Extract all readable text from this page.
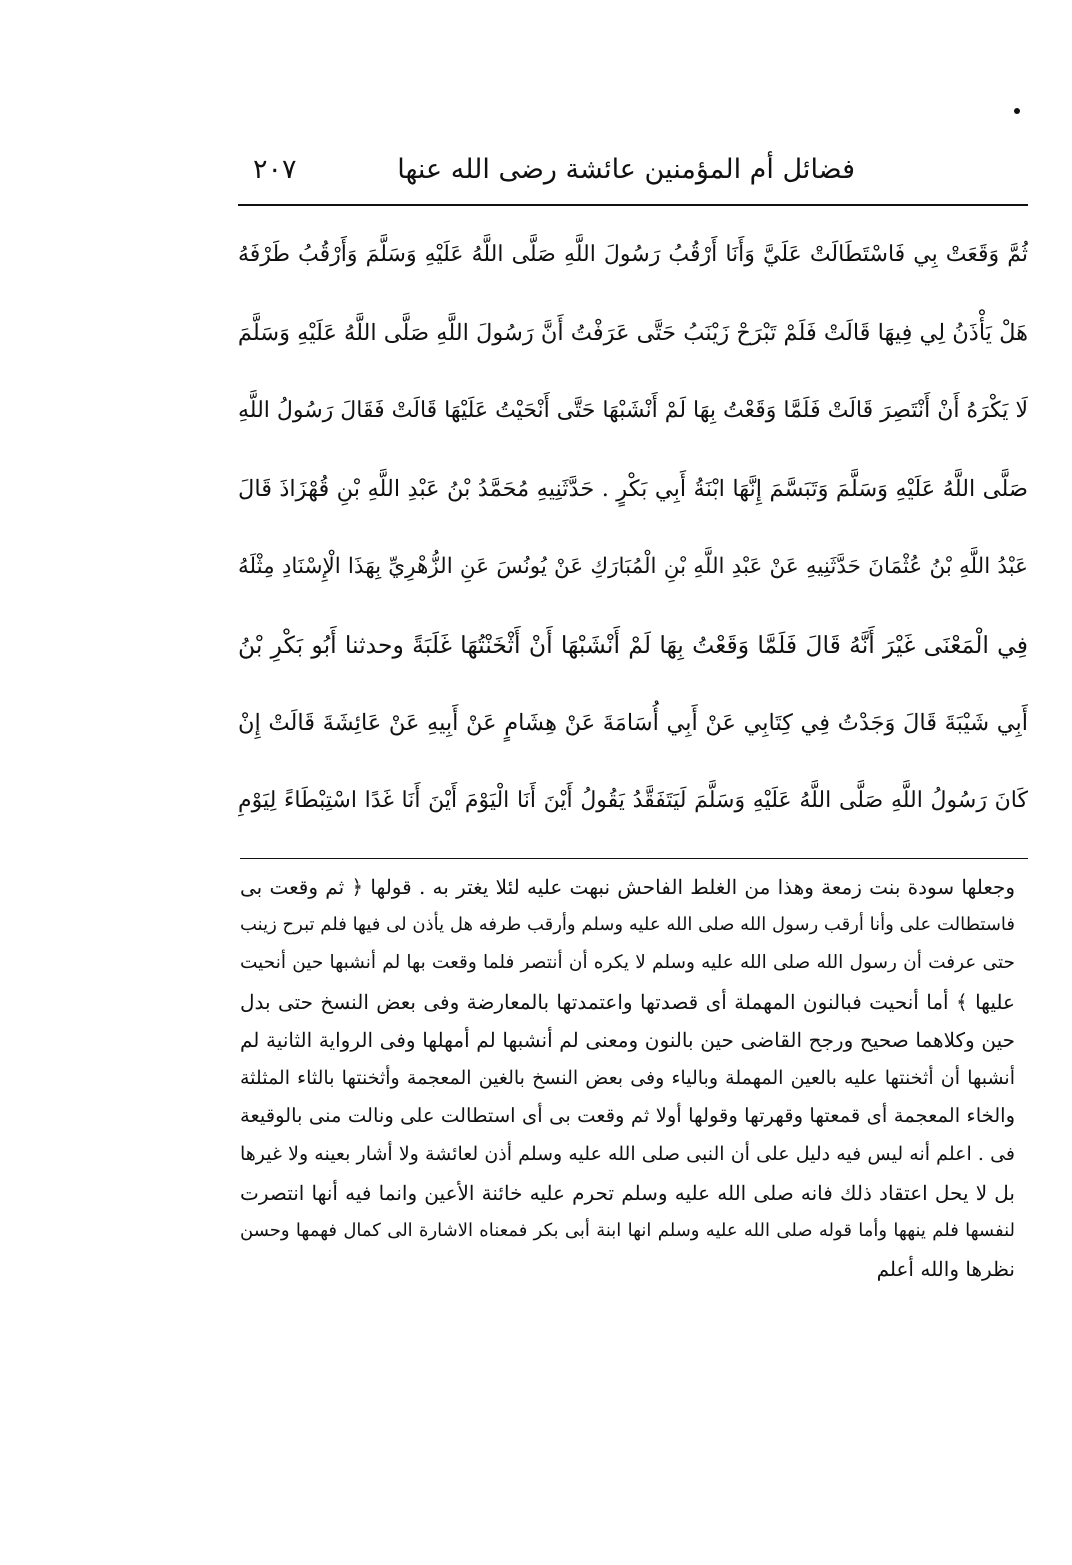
فضائل أم المؤمنين عائشة رضى الله عنها
٢٠٧
ثُمَّ وَقَعَتْ بِي فَاسْتَطَالَتْ عَلَيَّ وَأَنَا أَرْقُبُ رَسُولَ اللَّهِ صَلَّى اللَّهُ عَلَيْهِ وَسَلَّمَ وَأَرْقُبُ طَرْفَهُ
هَلْ يَأْذَنُ لِي فِيهَا قَالَتْ فَلَمْ تَبْرَحْ زَيْنَبُ حَتَّى عَرَفْتُ أَنَّ رَسُولَ اللَّهِ صَلَّى اللَّهُ عَلَيْهِ وَسَلَّمَ
لَا يَكْرَهُ أَنْ أَنْتَصِرَ قَالَتْ فَلَمَّا وَقَعْتُ بِهَا لَمْ أَنْشَبْهَا حَتَّى أَنْحَيْتُ عَلَيْهَا قَالَتْ فَقَالَ رَسُولُ اللَّهِ
صَلَّى اللَّهُ عَلَيْهِ وَسَلَّمَ وَتَبَسَّمَ إِنَّهَا ابْنَةُ أَبِي بَكْرٍ . حَدَّثَنِيهِ مُحَمَّدُ بْنُ عَبْدِ اللَّهِ بْنِ قُهْزَاذَ قَالَ
عَبْدُ اللَّهِ بْنُ عُثْمَانَ حَدَّثَنِيهِ عَنْ عَبْدِ اللَّهِ بْنِ الْمُبَارَكِ عَنْ يُونُسَ عَنِ الزُّهْرِيِّ بِهَذَا الْإِسْنَادِ مِثْلَهُ
فِي الْمَعْنَى غَيْرَ أَنَّهُ قَالَ فَلَمَّا وَقَعْتُ بِهَا لَمْ أَنْشَبْهَا أَنْ أَثْخَنْتُهَا غَلَبَةً وحدثنا أَبُو بَكْرِ بْنُ
أَبِي شَيْبَةَ قَالَ وَجَدْتُ فِي كِتَابِي عَنْ أَبِي أُسَامَةَ عَنْ هِشَامٍ عَنْ أَبِيهِ عَنْ عَائِشَةَ قَالَتْ إِنْ
كَانَ رَسُولُ اللَّهِ صَلَّى اللَّهُ عَلَيْهِ وَسَلَّمَ لَيَتَفَقَّدُ يَقُولُ أَيْنَ أَنَا الْيَوْمَ أَيْنَ أَنَا غَدًا اسْتِبْطَاءً لِيَوْمِ
وجعلها سودة بنت زمعة وهذا من الغلط الفاحش نبهت عليه لئلا يغتر به . قولها ﴿ ثم وقعت بى
فاستطالت على وأنا أرقب رسول الله صلى الله عليه وسلم وأرقب طرفه هل يأذن لى فيها فلم تبرح زينب
حتى عرفت أن رسول الله صلى الله عليه وسلم لا يكره أن أنتصر فلما وقعت بها لم أنشبها حين أنحيت
عليها ﴾ أما أنحيت فبالنون المهملة أى قصدتها واعتمدتها بالمعارضة وفى بعض النسخ حتى بدل
حين وكلاهما صحيح ورجح القاضى حين بالنون ومعنى لم أنشبها لم أمهلها وفى الرواية الثانية لم
أنشبها أن أثخنتها عليه بالعين المهملة وبالياء وفى بعض النسخ بالغين المعجمة وأثخنتها بالثاء المثلثة
والخاء المعجمة أى قمعتها وقهرتها وقولها أولا ثم وقعت بى أى استطالت على ونالت منى بالوقيعة
فى . اعلم أنه ليس فيه دليل على أن النبى صلى الله عليه وسلم أذن لعائشة ولا أشار بعينه ولا غيرها
بل لا يحل اعتقاد ذلك فانه صلى الله عليه وسلم تحرم عليه خائنة الأعين وانما فيه أنها انتصرت
لنفسها فلم ينهها وأما قوله صلى الله عليه وسلم انها ابنة أبى بكر فمعناه الاشارة الى كمال فهمها وحسن
نظرها والله أعلم
